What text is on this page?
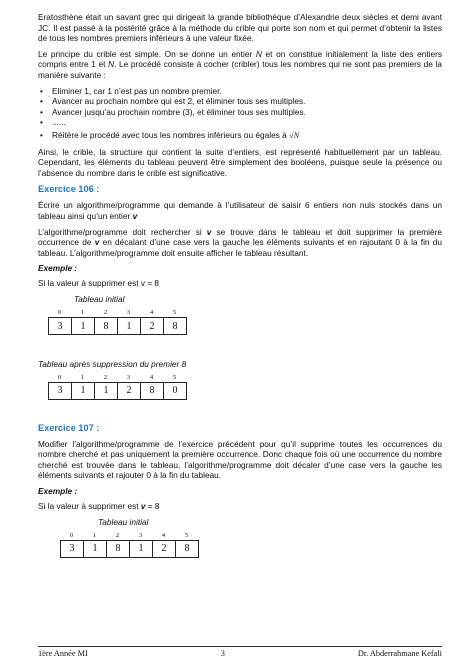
Eratosthène était un savant grec qui dirigeait la grande bibliothèque d’Alexandrie deux siècles et demi avant JC. Il est passé à la postérité grâce à la méthode du crible qui porte son nom et qui permet d’obtenir la listes de tous les nombres premiers inférieurs à une valeur fixée.

Le principe du crible est simple. On se donne un entier N et on constitue initialement la liste des entiers compris entre 1 et N. Le procédé consiste à cocher (cribler) tous les nombres qui ne sont pas premiers de la manière suivante :

• Eliminer 1, car 1 n’est pas un nombre premier.
• Avancer au prochain nombre qui est 2, et éliminer tous ses multiples.
• Avancer jusqu’au prochain nombre (3), et éliminer tous ses multiples.
• ......
• Réitère le procédé avec tous les nombres inférieurs ou égales à √N

Ainsi, le crible, la structure qui contient la suite d’entiers, est représenté habituellement par un tableau. Cependant, les éléments du tableau peuvent être simplement des booléens, puisque seule la présence ou l’absence du nombre dans le crible est significative.

Exercice 106 :

Écrire un algorithme/programme qui demande à l’utilisateur de saisir 6 entiers non nuls stockés dans un tableau ainsi qu’un entier v

L’algorithme/programme doit rechercher si v se trouve dans le tableau et doit supprimer la première occurrence de v en décalant d’une case vers la gauche les éléments suivants et en rajoutant 0 à la fin du tableau. L’algorithme/programme doit ensuite afficher le tableau résultant.

Exemple :

Si la valeur à supprimer est v = 8

Tableau initial
0	1	2	3	4	5
3	1	8	1	2	8
Tableau après suppression du premier 8
0	1	2	3	4	5
3	1	1	2	8	0
Exercice 107 :

Modifier l’algorithme/programme de l’exercice précédent pour qu’il supprime toutes les occurrences du nombre cherché et pas uniquement la première occurrence. Donc chaque fois où une occurrence du nombre cherché est trouvée dans le tableau, l’algorithme/programme doit décaler d’une case vers la gauche les éléments suivants et rajouter 0 à la fin du tableau.

Exemple :

Si la valeur à supprimer est v = 8

Tableau initial
0	1	2	3	4	5
3	1	8	1	2	8
1ère Année MI	3	Dr. Abderrahmane Kefali
